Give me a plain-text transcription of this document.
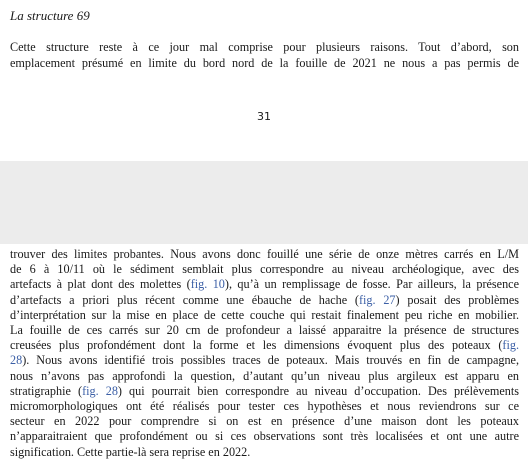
La structure 69
Cette structure reste à ce jour mal comprise pour plusieurs raisons. Tout d’abord, son
emplacement présumé en limite du bord nord de la fouille de 2021 ne nous a pas permis de
31
trouver des limites probantes. Nous avons donc fouillé une série de onze mètres carrés en L/M
de 6 à 10/11 où le sédiment semblait plus correspondre au niveau archéologique, avec des
artefacts à plat dont des molettes (fig. 10), qu’à un remplissage de fosse. Par ailleurs, la présence
d’artefacts a priori plus récent comme une ébauche de hache (fig. 27) posait des problèmes
d’interprétation sur la mise en place de cette couche qui restait finalement peu riche en mobilier.
La fouille de ces carrés sur 20 cm de profondeur a laissé apparaitre la présence de structures
creusées plus profondément dont la forme et les dimensions évoquent plus des poteaux (fig.
28). Nous avons identifié trois possibles traces de poteaux. Mais trouvés en fin de campagne,
nous n’avons pas approfondi la question, d’autant qu’un niveau plus argileux est apparu en
stratigraphie (fig. 28) qui pourrait bien correspondre au niveau d’occupation. Des prélèvements
micromorphologiques ont été réalisés pour tester ces hypothèses et nous reviendrons sur ce
secteur en 2022 pour comprendre si on est en présence d’une maison dont les poteaux
n’apparaitraient que profondément ou si ces observations sont très localisées et ont une autre
signification. Cette partie-là sera reprise en 2022.
